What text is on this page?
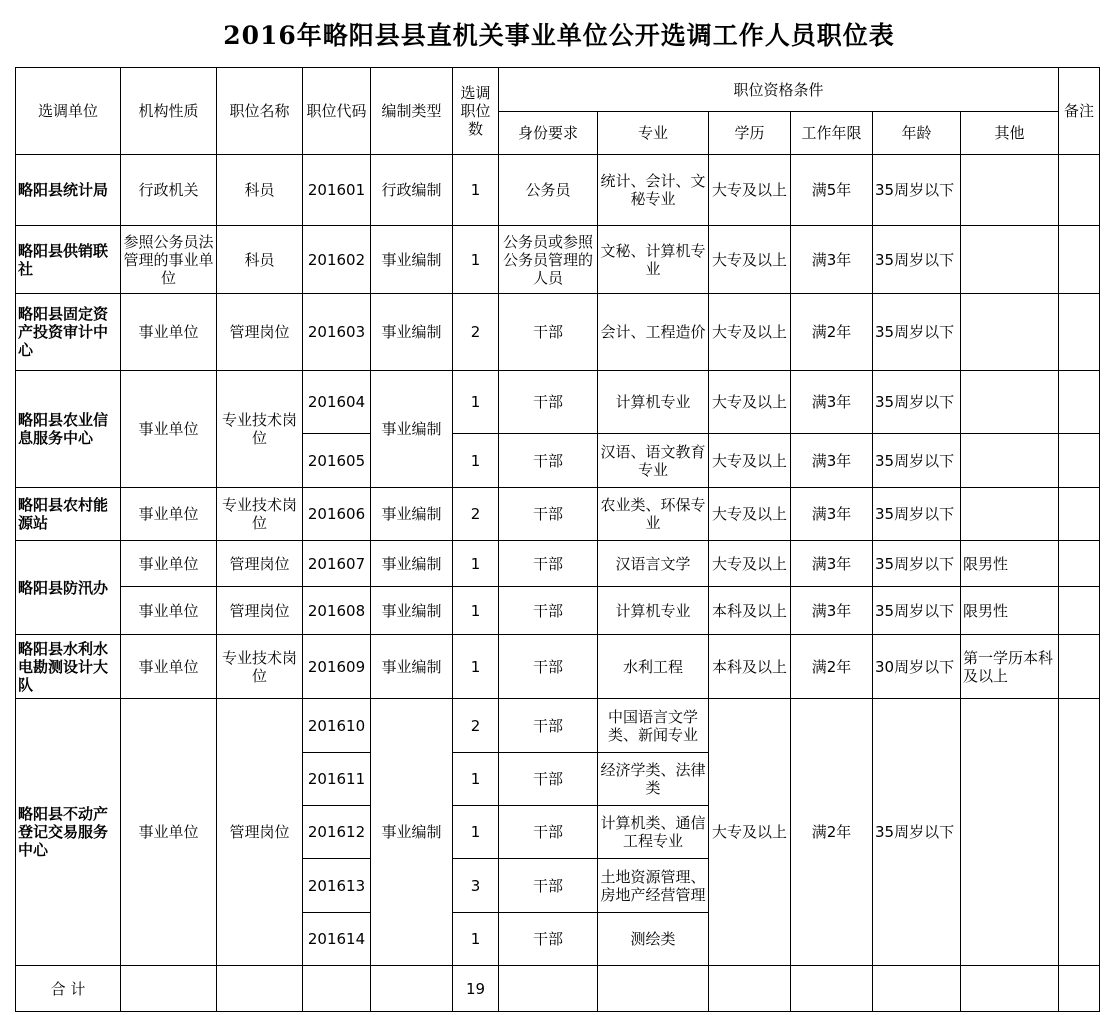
2016年略阳县县直机关事业单位公开选调工作人员职位表
选调单位	机构性质	职位名称	职位代码	编制类型	选调职位数	职位资格条件						备注
						身份要求	专业	学历	工作年限	年龄	其他	
略阳县统计局	行政机关	科员	201601	行政编制	1	公务员	统计、会计、文秘专业	大专及以上	满5年	35周岁以下		
略阳县供销联社	参照公务员法管理的事业单位	科员	201602	事业编制	1	公务员或参照公务员管理的人员	文秘、计算机专业	大专及以上	满3年	35周岁以下		
略阳县固定资产投资审计中心	事业单位	管理岗位	201603	事业编制	2	干部	会计、工程造价	大专及以上	满2年	35周岁以下		
略阳县农业信息服务中心	事业单位	专业技术岗位	201604	事业编制	1	干部	计算机专业	大专及以上	满3年	35周岁以下		
			201605		1	干部	汉语、语文教育专业	大专及以上	满3年	35周岁以下		
略阳县农村能源站	事业单位	专业技术岗位	201606	事业编制	2	干部	农业类、环保专业	大专及以上	满3年	35周岁以下		
略阳县防汛办	事业单位	管理岗位	201607	事业编制	1	干部	汉语言文学	大专及以上	满3年	35周岁以下	限男性	
	事业单位	管理岗位	201608	事业编制	1	干部	计算机专业	本科及以上	满3年	35周岁以下	限男性	
略阳县水利水电勘测设计大队	事业单位	专业技术岗位	201609	事业编制	1	干部	水利工程	本科及以上	满2年	30周岁以下	第一学历本科及以上	
略阳县不动产登记交易服务中心	事业单位	管理岗位	201610	事业编制	2	干部	中国语言文学类、新闻专业	大专及以上	满2年	35周岁以下		
			201611		1	干部	经济学类、法律类					
			201612		1	干部	计算机类、通信工程专业					
			201613		3	干部	土地资源管理、房地产经营管理					
			201614		1	干部	测绘类					
合 计					19							
